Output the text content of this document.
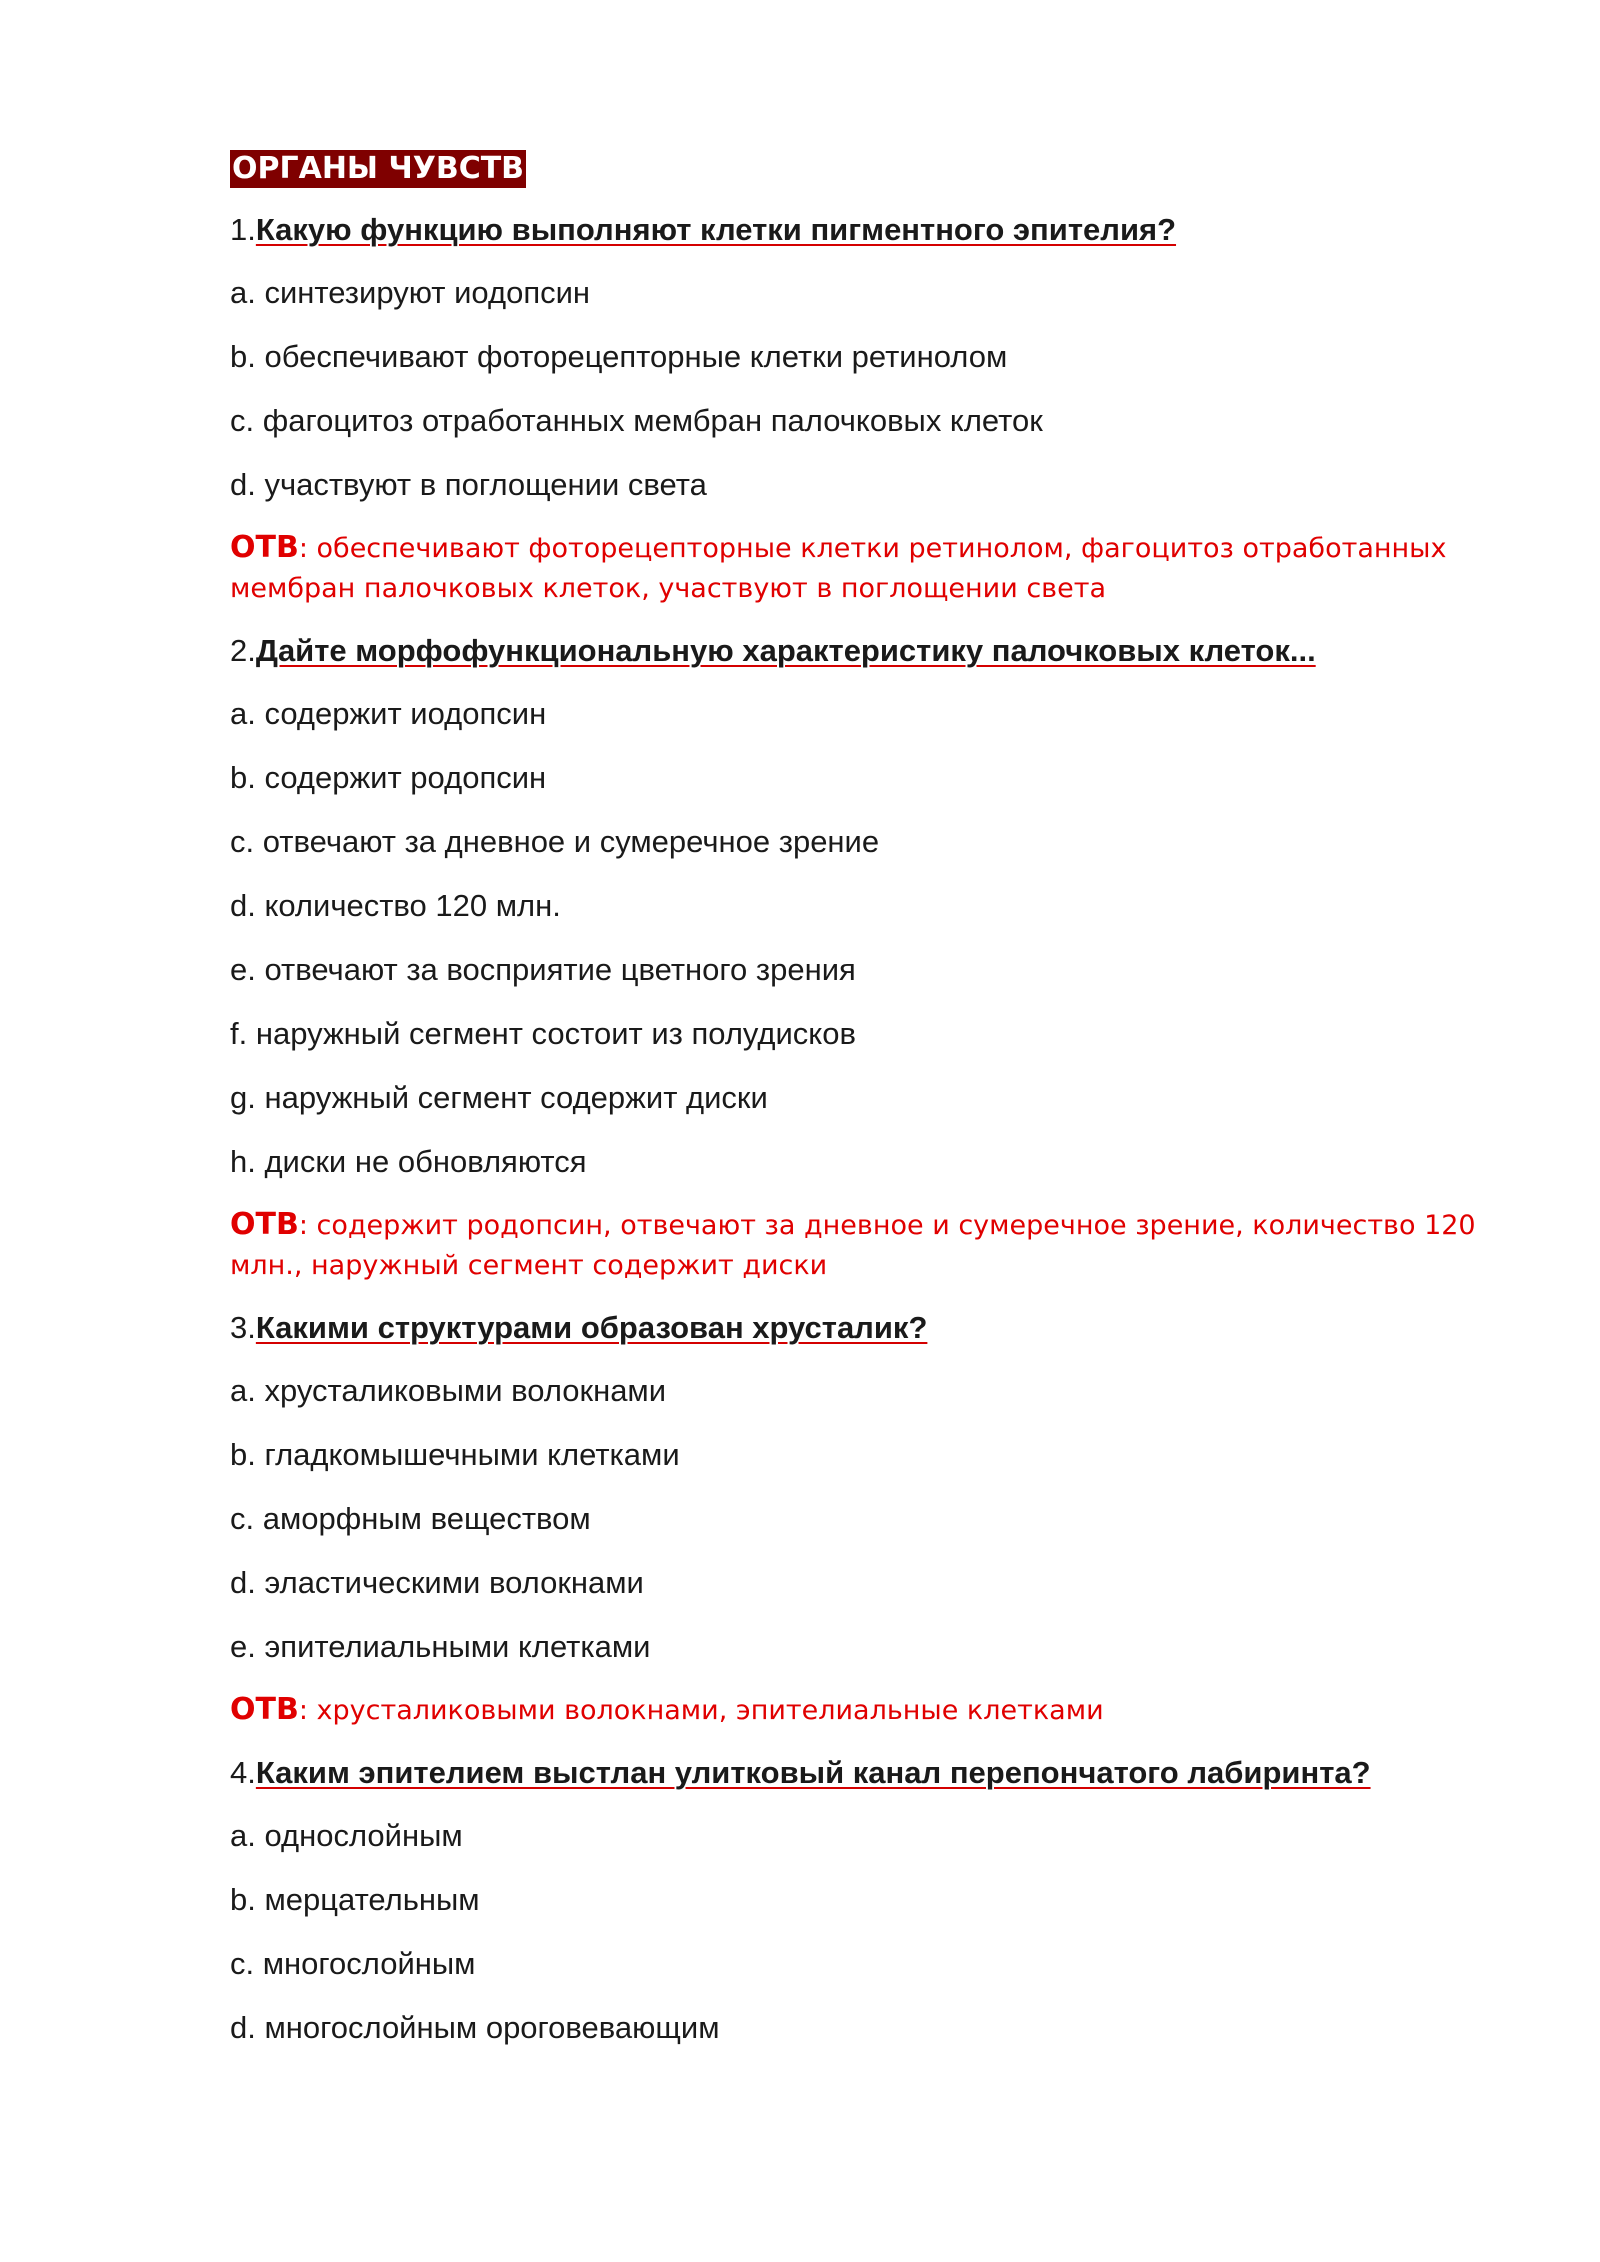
ОРГАНЫ ЧУВСТВ

1.Какую функцию выполняют клетки пигментного эпителия?

a. синтезируют иодопсин

b. обеспечивают фоторецепторные клетки ретинолом

c. фагоцитоз отработанных мембран палочковых клеток

d. участвуют в поглощении света

ОТВ: обеспечивают фоторецепторные клетки ретинолом, фагоцитоз отработанных мембран палочковых клеток, участвуют в поглощении света

2.Дайте морфофункциональную характеристику палочковых клеток...

a. содержит иодопсин

b. содержит родопсин

c. отвечают за дневное и сумеречное зрение

d. количество 120 млн.

e. отвечают за восприятие цветного зрения

f. наружный сегмент состоит из полудисков

g. наружный сегмент содержит диски

h. диски не обновляются

ОТВ: содержит родопсин, отвечают за дневное и сумеречное зрение, количество 120 млн., наружный сегмент содержит диски

3.Какими структурами образован хрусталик?

a. хрусталиковыми волокнами

b. гладкомышечными клетками

c. аморфным веществом

d. эластическими волокнами

e. эпителиальными клетками

ОТВ: хрусталиковыми волокнами, эпителиальные клетками

4.Каким эпителием выстлан улитковый канал перепончатого лабиринта?

a. однослойным

b. мерцательным

c. многослойным

d. многослойным ороговевающим
